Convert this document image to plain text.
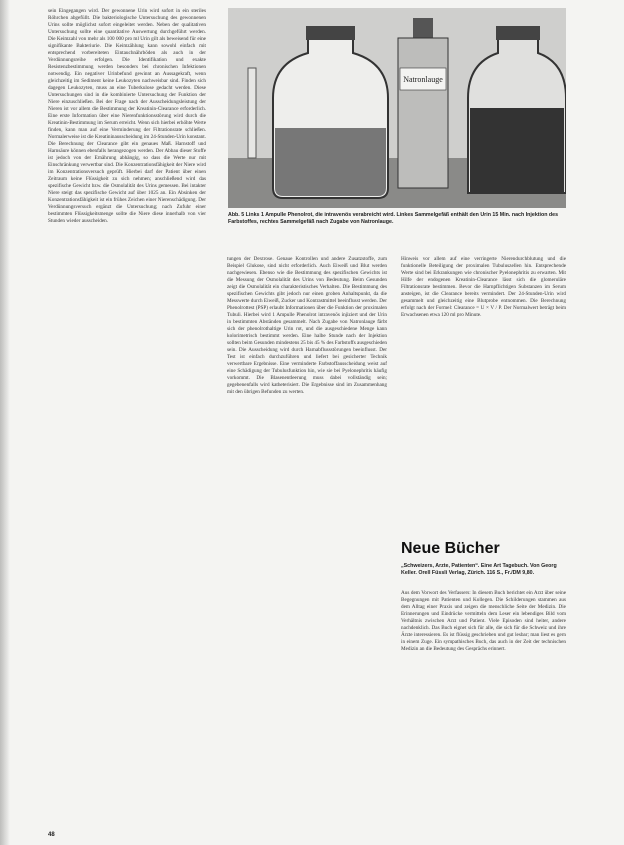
sein Eingegangen wird. Der gewonnene Urin wird sofort in ein steriles Röhrchen abgefüllt. Die bakteriologische Untersuchung des gewonnenen Urins sollte möglichst sofort eingeleitet werden. Neben der qualitativen Untersuchung sollte eine quantitative Auswertung durchgeführt werden. Die Keimzahl von mehr als 100 000 pro ml Urin gilt als beweisend für eine signifikante Bakteriurie. Die Keimzählung kann sowohl einfach mit entsprechend vorbereiteten Eintauchnährböden als auch in der Verdünnungsreihe erfolgen. Die Identifikation und exakte Resistenzbestimmung werden besonders bei chronischen Infektionen notwendig. Ein negativer Urinbefund gewinnt an Aussagekraft, wenn gleichzeitig im Sediment keine Leukozyten nachweisbar sind. Finden sich dagegen Leukozyten, muss an eine Tuberkulose gedacht werden. Diese Untersuchungen sind in die kombinierte Untersuchung der Funktion der Niere einzuschließen. Bei der Frage nach der Ausscheidungsleistung der Nieren ist vor allem die Bestimmung der Kreatinin-Clearance erforderlich. Eine erste Information über eine Nierenfunktionsstörung wird durch die Kreatinin-Bestimmung im Serum erreicht. Wenn sich hierbei erhöhte Werte finden, kann man auf eine Verminderung der Filtrationsrate schließen. Normalerweise ist die Kreatininausscheidung im 24-Stunden-Urin konstant. Die Berechnung der Clearance gibt ein genaues Maß. Harnstoff und Harnsäure können ebenfalls herangezogen werden. Der Abbau dieser Stoffe ist jedoch von der Ernährung abhängig, so dass die Werte nur mit Einschränkung verwertbar sind. Die Konzentrationsfähigkeit der Niere wird im Konzentrationsversuch geprüft. Hierbei darf der Patient über einen Zeitraum keine Flüssigkeit zu sich nehmen; anschließend wird das spezifische Gewicht bzw. die Osmolalität des Urins gemessen. Bei intakter Niere steigt das spezifische Gewicht auf über 1025 an. Ein Absinken der Konzentrationsfähigkeit ist ein frühes Zeichen einer Nierenschädigung. Der Verdünnungsversuch ergänzt die Untersuchung; nach Zufuhr einer bestimmten Flüssigkeitsmenge sollte die Niere diese innerhalb von vier Stunden wieder ausscheiden.

Natronlauge
Abb. 5 Links 1 Ampulle Phenolrot, die intravenös verabreicht wird. Linkes Sammelgefäß enthält den Urin 15 Min. nach Injektion des Farbstoffes, rechtes Sammelgefäß nach Zugabe von Natronlauge.

tungen der Dextrose. Genaue Kontrollen und andere Zusatzstoffe, zum Beispiel Glukose, sind nicht erforderlich. Auch Eiweiß und Blut werden nachgewiesen. Ebenso wie die Bestimmung des spezifischen Gewichts ist die Messung der Osmolalität des Urins von Bedeutung. Beim Gesunden zeigt die Osmolalität ein charakteristisches Verhalten. Die Bestimmung des spezifischen Gewichts gibt jedoch nur einen groben Anhaltspunkt, da die Messwerte durch Eiweiß, Zucker und Kontrastmittel beeinflusst werden. Der Phenolrottest (PSP) erlaubt Informationen über die Funktion der proximalen Tubuli. Hierbei wird 1 Ampulle Phenolrot intravenös injiziert und der Urin in bestimmten Abständen gesammelt. Nach Zugabe von Natronlauge färbt sich der phenolrothaltige Urin rot, und die ausgeschiedene Menge kann kolorimetrisch bestimmt werden. Eine halbe Stunde nach der Injektion sollten beim Gesunden mindestens 25 bis 45 % des Farbstoffs ausgeschieden sein. Die Ausscheidung wird durch Harnabflussstörungen beeinflusst. Der Test ist einfach durchzuführen und liefert bei gesicherter Technik verwertbare Ergebnisse. Eine verminderte Farbstoffausscheidung weist auf eine Schädigung der Tubulusfunktion hin, wie sie bei Pyelonephritis häufig vorkommt. Die Blasenentleerung muss dabei vollständig sein; gegebenenfalls wird katheterisiert. Die Ergebnisse sind im Zusammenhang mit den übrigen Befunden zu werten.

Hinweis vor allem auf eine verringerte Nierendurchblutung und die funktionelle Beteiligung der proximalen Tubuluszellen hin. Entsprechende Werte sind bei Erkrankungen wie chronischer Pyelonephritis zu erwarten. Mit Hilfe der endogenen Kreatinin-Clearance lässt sich die glomeruläre Filtrationsrate bestimmen. Bevor die Harnpflichtigen Substanzen im Serum ansteigen, ist die Clearance bereits vermindert. Der 24-Stunden-Urin wird gesammelt und gleichzeitig eine Blutprobe entnommen. Die Berechnung erfolgt nach der Formel: Clearance = U × V / P. Der Normalwert beträgt beim Erwachsenen etwa 120 ml pro Minute.

Neue Bücher
„Schweizers, Arzte, Patienten“. Eine Art Tagebuch. Von Georg Keller. Orell Füssli Verlag, Zürich. 116 S., Fr./DM 9,80.

Aus dem Vorwort des Verfassers: In diesem Buch berichtet ein Arzt über seine Begegnungen mit Patienten und Kollegen. Die Schilderungen stammen aus dem Alltag einer Praxis und zeigen die menschliche Seite der Medizin. Die Erinnerungen und Eindrücke vermitteln dem Leser ein lebendiges Bild vom Verhältnis zwischen Arzt und Patient. Viele Episoden sind heiter, andere nachdenklich. Das Buch eignet sich für alle, die sich für die Schweiz und ihre Ärzte interessieren. Es ist flüssig geschrieben und gut lesbar; man liest es gern in einem Zuge. Ein sympathisches Buch, das auch in der Zeit der technischen Medizin an die Bedeutung des Gesprächs erinnert.

48
